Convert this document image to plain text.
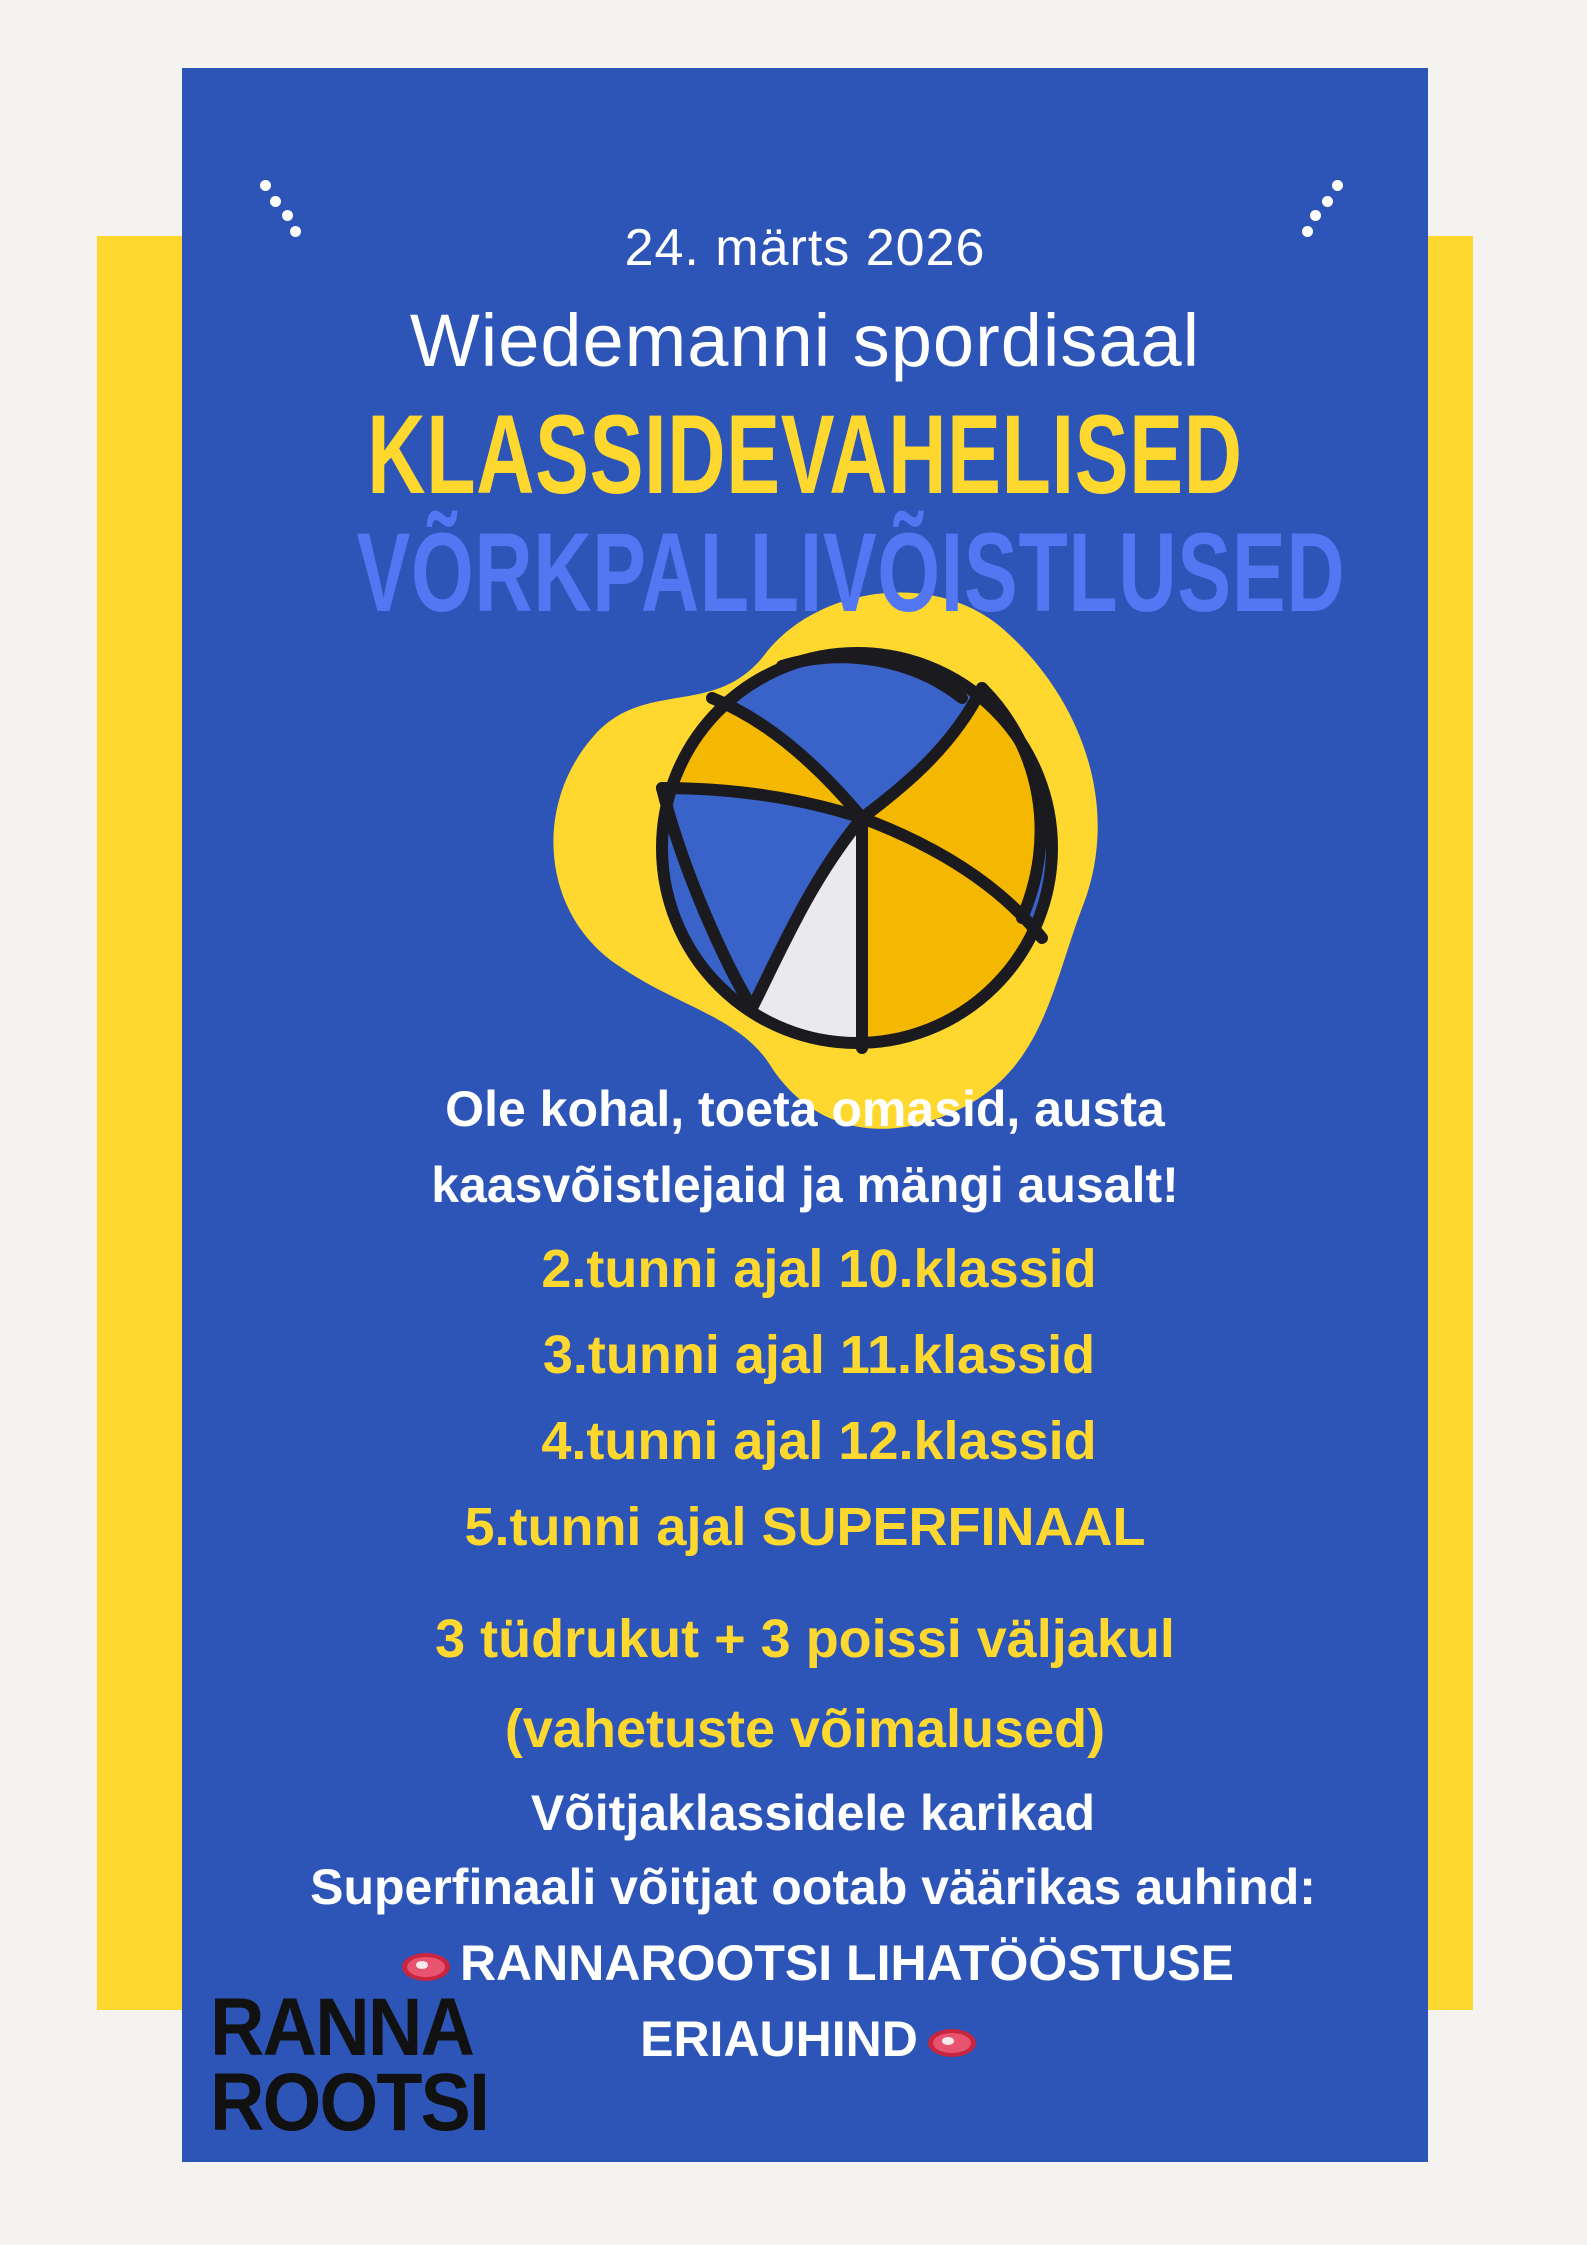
24. märts 2026

Wiedemanni spordisaal

KLASSIDEVAHELISED

VÕRKPALLIVÕISTLUSED

Ole kohal, toeta omasid, austa

kaasvõistlejaid ja mängi ausalt!

2.tunni ajal 10.klassid

3.tunni ajal 11.klassid

4.tunni ajal 12.klassid

5.tunni ajal SUPERFINAAL

3 tüdrukut + 3 poissi väljakul

(vahetuste võimalused)

Võitjaklassidele karikad

Superfinaali võitjat ootab väärikas auhind:

RANNAROOTSI LIHATÖÖSTUSE

ERIAUHIND

RANNA
ROOTSI
